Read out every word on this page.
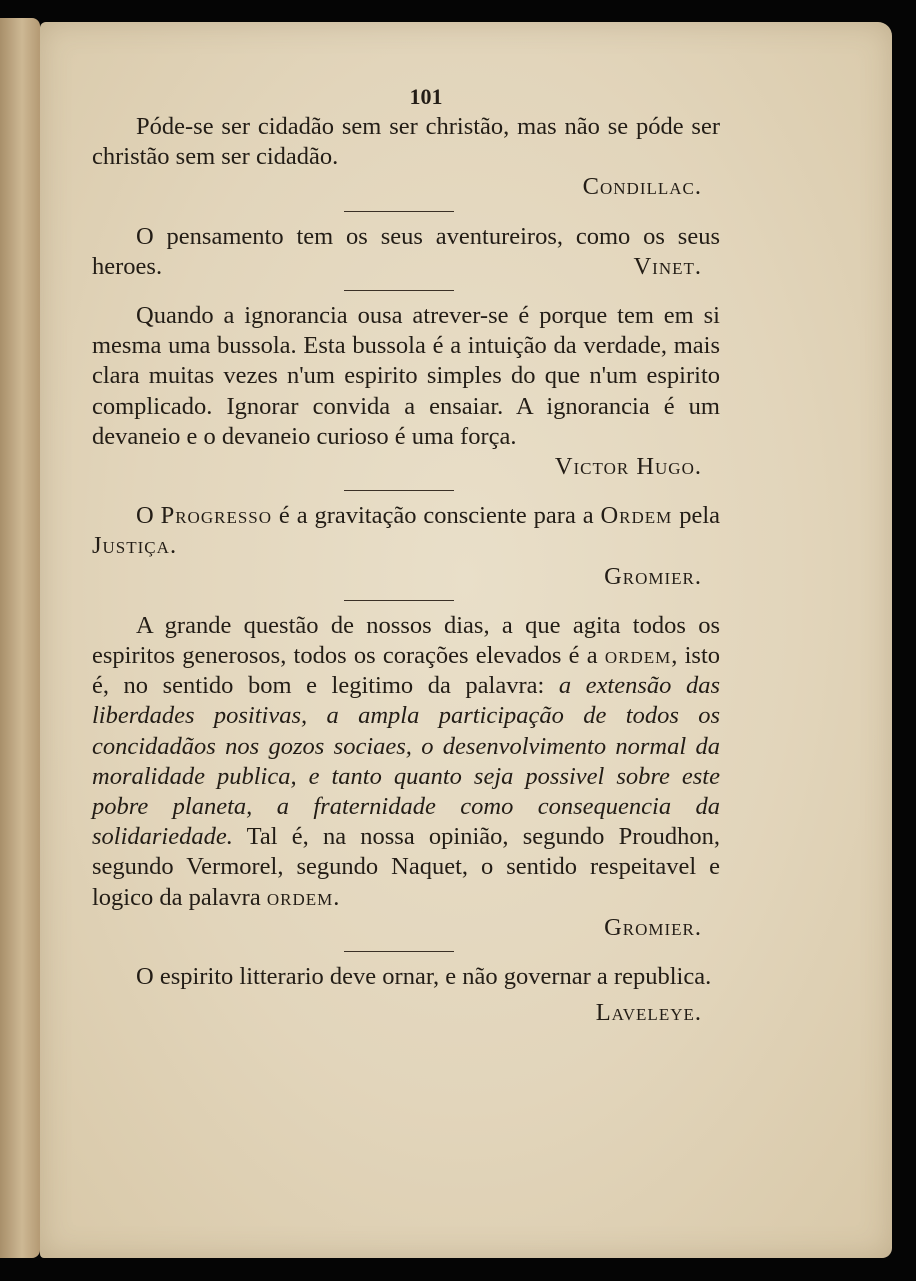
101
Póde-se ser cidadão sem ser christão, mas não se póde ser christão sem ser cidadão.
Condillac.
O pensamento tem os seus aventureiros, como os seus heroes.	Vinet.
Quando a ignorancia ousa atrever-se é porque tem em si mesma uma bussola. Esta bussola é a intuição da verdade, mais clara muitas vezes n'um espirito simples do que n'um espirito complicado. Ignorar convida a ensaiar. A ignorancia é um devaneio e o devaneio curioso é uma força.
Victor Hugo.
O Progresso é a gravitação consciente para a Ordem pela Justiça.
Gromier.
A grande questão de nossos dias, a que agita todos os espiritos generosos, todos os corações elevados é a ordem, isto é, no sentido bom e legitimo da palavra: a extensão das liberdades positivas, a ampla participação de todos os concidadãos nos gozos sociaes, o desenvolvimento normal da moralidade publica, e tanto quanto seja possivel sobre este pobre planeta, a fraternidade como consequencia da solidariedade. Tal é, na nossa opinião, segundo Proudhon, segundo Vermorel, segundo Naquet, o sentido respeitavel e logico da palavra ordem.
Gromier.
O espirito litterario deve ornar, e não governar a republica.
Laveleye.
